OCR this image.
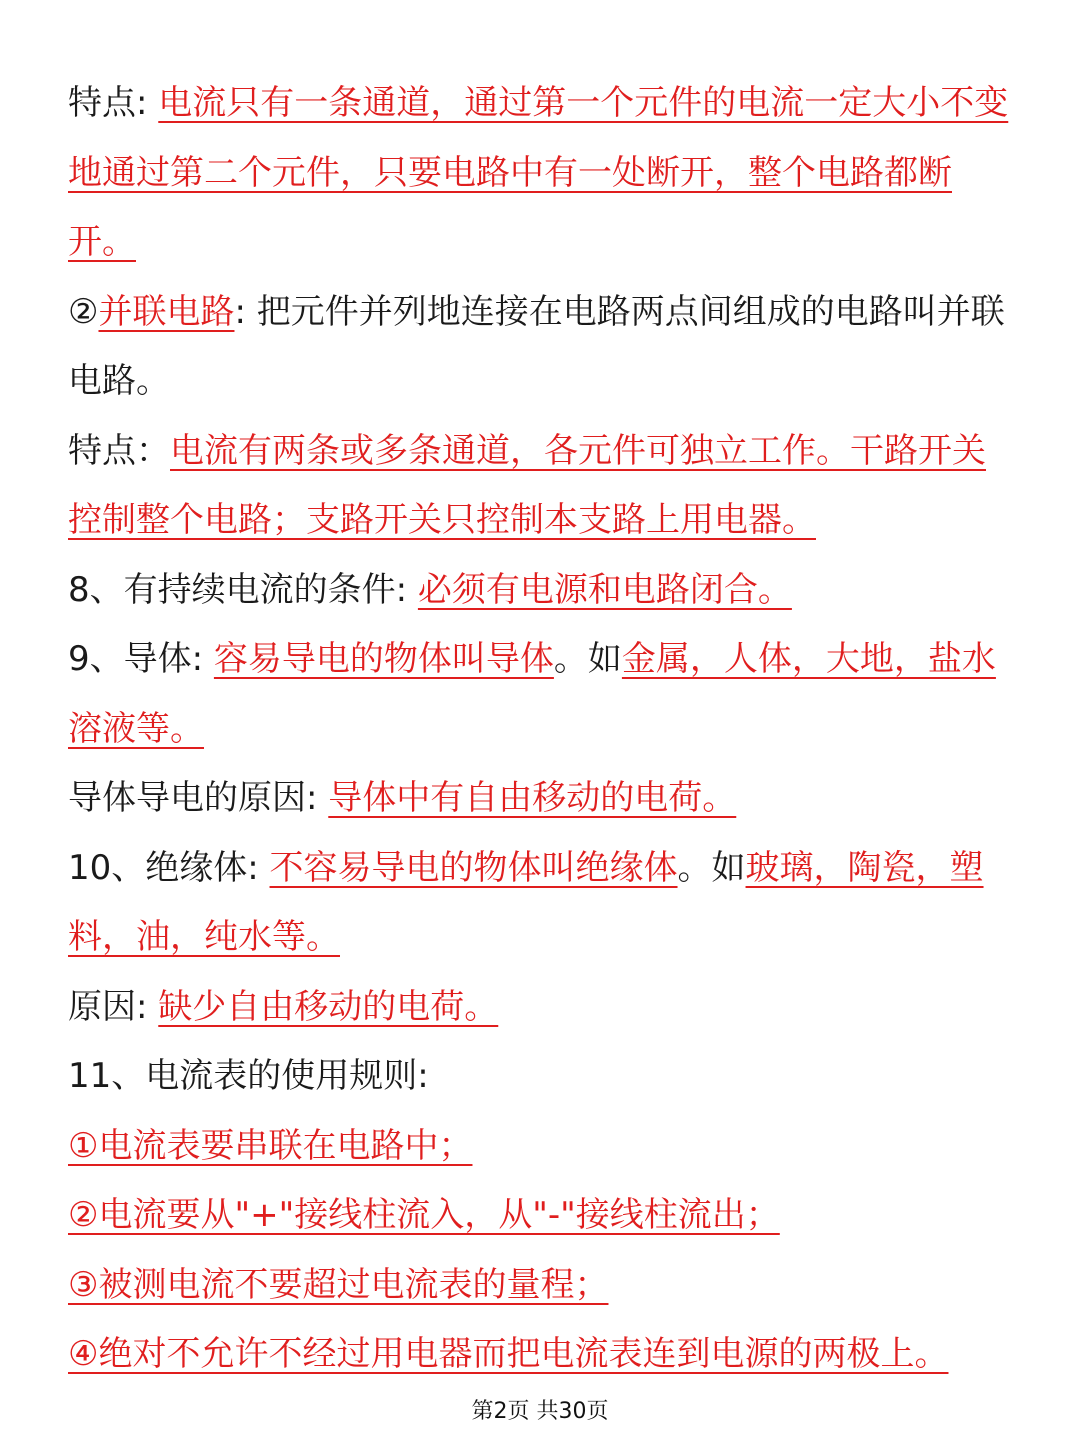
特点: 电流只有一条通道，通过第一个元件的电流一定大小不变地通过第二个元件，只要电路中有一处断开，整个电路都断开。

②并联电路: 把元件并列地连接在电路两点间组成的电路叫并联电路。

特点：电流有两条或多条通道，各元件可独立工作。干路开关控制整个电路；支路开关只控制本支路上用电器。

8、有持续电流的条件: 必须有电源和电路闭合。

9、导体: 容易导电的物体叫导体。如金属，人体，大地，盐水溶液等。

导体导电的原因: 导体中有自由移动的电荷。

10、绝缘体: 不容易导电的物体叫绝缘体。如玻璃，陶瓷，塑料，油，纯水等。

原因: 缺少自由移动的电荷。

11、电流表的使用规则:

①电流表要串联在电路中；

②电流要从"+"接线柱流入，从"-"接线柱流出；

③被测电流不要超过电流表的量程；

④绝对不允许不经过用电器而把电流表连到电源的两极上。

第2页 共30页
